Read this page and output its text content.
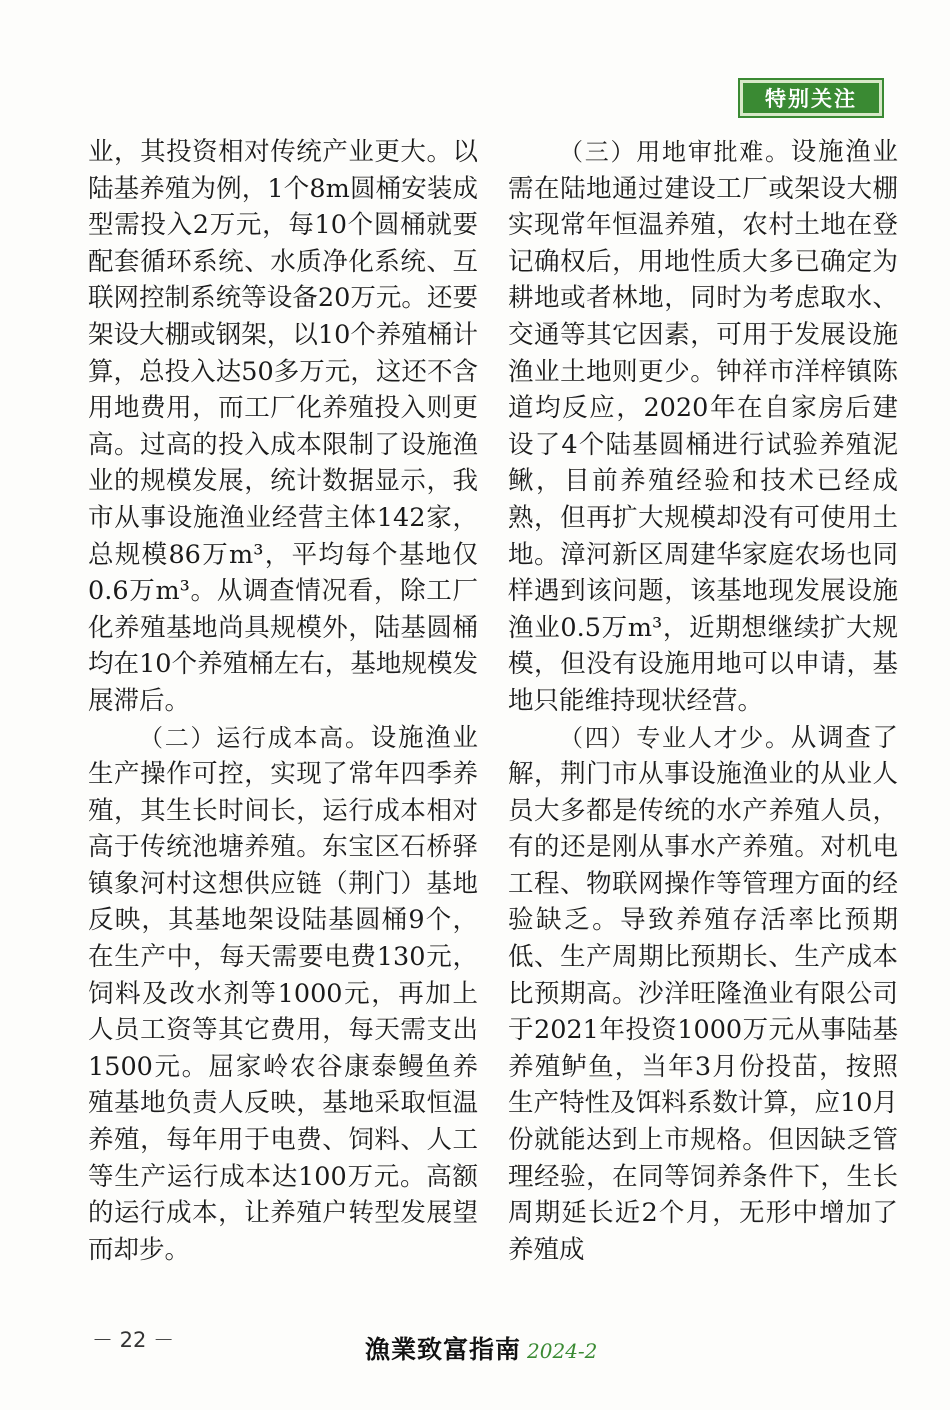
特别关注

业，其投资相对传统产业更大。以陆基养殖为例，1个8m圆桶安装成型需投入2万元，每10个圆桶就要配套循环系统、水质净化系统、互联网控制系统等设备20万元。还要架设大棚或钢架，以10个养殖桶计算，总投入达50多万元，这还不含用地费用，而工厂化养殖投入则更高。过高的投入成本限制了设施渔业的规模发展，统计数据显示，我市从事设施渔业经营主体142家，总规模86万m³，平均每个基地仅0.6万m³。从调查情况看，除工厂化养殖基地尚具规模外，陆基圆桶均在10个养殖桶左右，基地规模发展滞后。

（二）运行成本高。设施渔业生产操作可控，实现了常年四季养殖，其生长时间长，运行成本相对高于传统池塘养殖。东宝区石桥驿镇象河村这想供应链（荆门）基地反映，其基地架设陆基圆桶9个，在生产中，每天需要电费130元，饲料及改水剂等1000元，再加上人员工资等其它费用，每天需支出1500元。屈家岭农谷康泰鳗鱼养殖基地负责人反映，基地采取恒温养殖，每年用于电费、饲料、人工等生产运行成本达100万元。高额的运行成本，让养殖户转型发展望而却步。

（三）用地审批难。设施渔业需在陆地通过建设工厂或架设大棚实现常年恒温养殖，农村土地在登记确权后，用地性质大多已确定为耕地或者林地，同时为考虑取水、交通等其它因素，可用于发展设施渔业土地则更少。钟祥市洋梓镇陈道均反应，2020年在自家房后建设了4个陆基圆桶进行试验养殖泥鳅，目前养殖经验和技术已经成熟，但再扩大规模却没有可使用土地。漳河新区周建华家庭农场也同样遇到该问题，该基地现发展设施渔业0.5万m³，近期想继续扩大规模，但没有设施用地可以申请，基地只能维持现状经营。

（四）专业人才少。从调查了解，荆门市从事设施渔业的从业人员大多都是传统的水产养殖人员，有的还是刚从事水产养殖。对机电工程、物联网操作等管理方面的经验缺乏。导致养殖存活率比预期低、生产周期比预期长、生产成本比预期高。沙洋旺隆渔业有限公司于2021年投资1000万元从事陆基养殖鲈鱼，当年3月份投苗，按照生产特性及饵料系数计算，应10月份就能达到上市规格。但因缺乏管理经验，在同等饲养条件下，生长周期延长近2个月，无形中增加了养殖成

－ 22 －	漁業致富指南 2024-2
